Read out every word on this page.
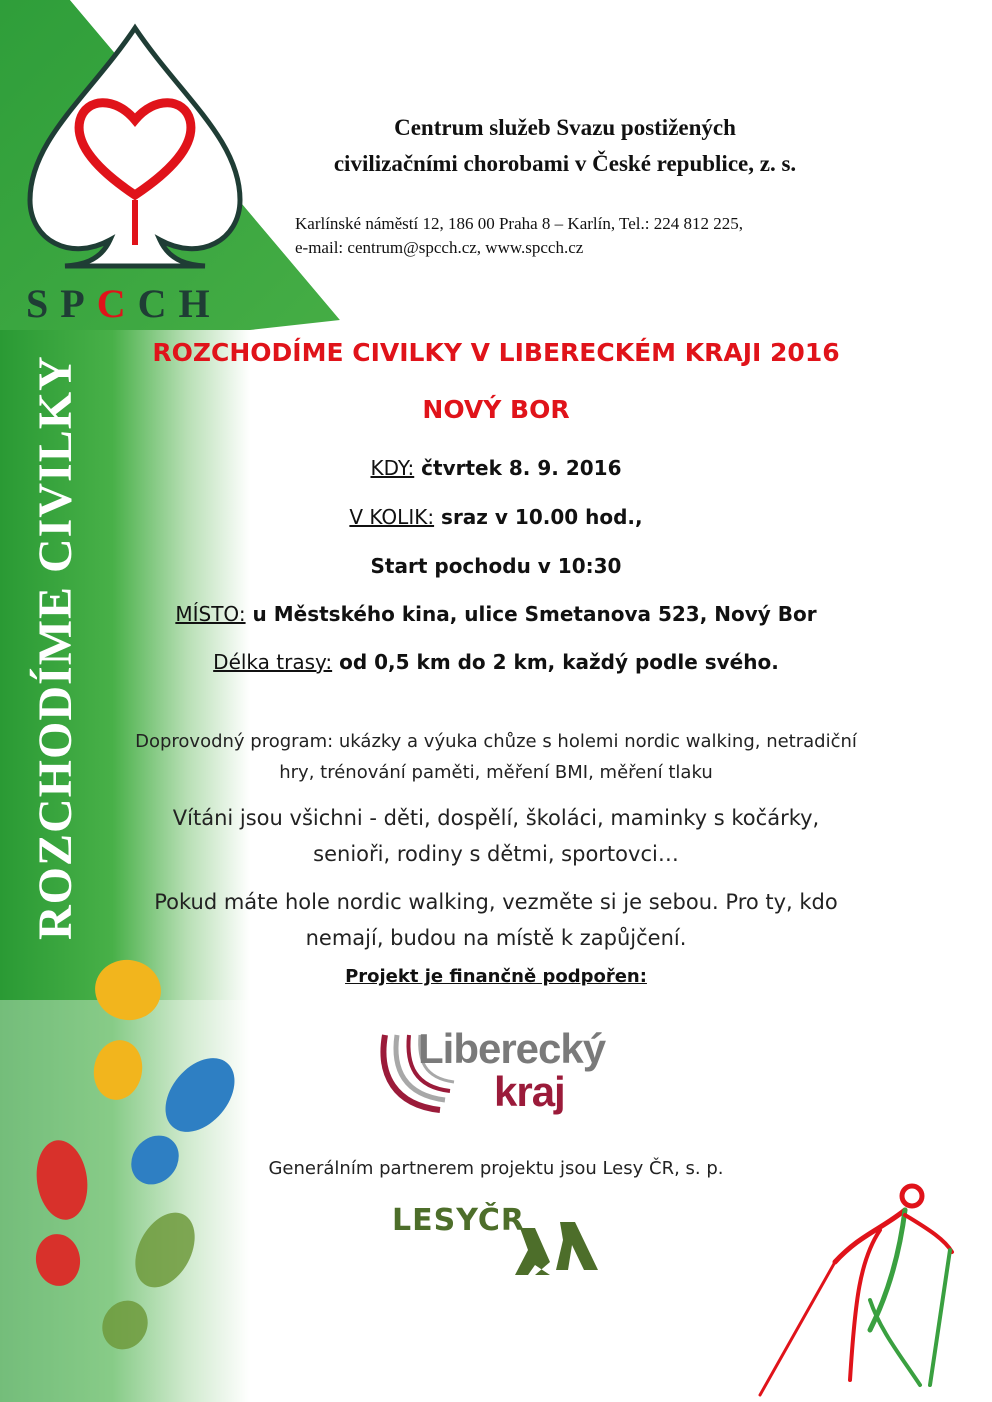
SPCCH
ROZCHODÍME CIVILKY
Centrum služeb Svazu postižených
civilizačními chorobami v České republice, z. s.
Karlínské náměstí 12, 186 00 Praha 8 – Karlín, Tel.: 224 812 225,
e-mail: centrum@spcch.cz, www.spcch.cz
ROZCHODÍME CIVILKY V LIBERECKÉM KRAJI 2016
NOVÝ BOR
KDY: čtvrtek 8. 9. 2016
V KOLIK: sraz v 10.00 hod.,
Start pochodu v 10:30
MÍSTO: u Městského kina, ulice Smetanova 523, Nový Bor
Délka trasy: od 0,5 km do 2 km, každý podle svého.
Doprovodný program: ukázky a výuka chůze s holemi nordic walking, netradiční
hry, trénování paměti, měření BMI, měření tlaku
Vítáni jsou všichni - děti, dospělí, školáci, maminky s kočárky,
senioři, rodiny s dětmi, sportovci…
Pokud máte hole nordic walking, vezměte si je sebou. Pro ty, kdo
nemají, budou na místě k zapůjčení.
Projekt je finančně podpořen:
Liberecký
kraj
Generálním partnerem projektu jsou Lesy ČR, s. p.
LESYČR
